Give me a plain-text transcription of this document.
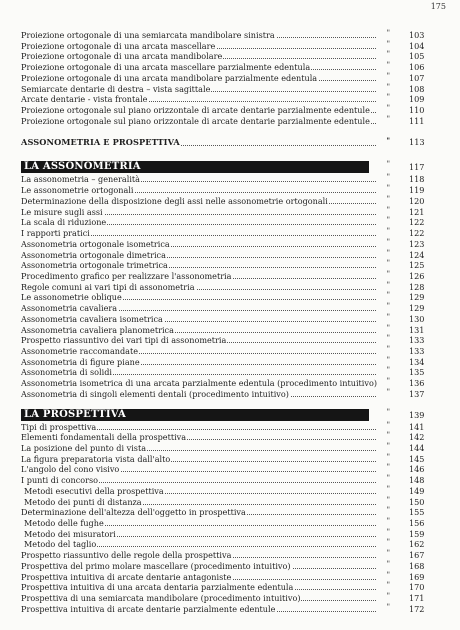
175
Proiezione ortogonale di una semiarcata mandibolare sinistra	" 103
Proiezione ortogonale di una arcata mascellare	" 104
Proiezione ortogonale di una arcata mandibolare	" 105
Proiezione ortogonale di una arcata mascellare parzialmente edentula	" 106
Proiezione ortogonale di una arcata mandibolare parzialmente edentula	" 107
Semiarcate dentarie di destra – vista sagittale	" 108
Arcate dentarie - vista frontale	" 109
Proiezione ortogonale sul piano orizzontale di arcate dentarie parzialmente edentule " 110
Proiezione ortogonale sul piano orizzontale di arcate dentarie parzialmente edentule " 111
ASSONOMETRIA E PROSPETTIVA	" 113
LA ASSONOMETRIA	" 117
La assonometria – generalità	" 118
Le assonometrie ortogonali	" 119
Determinazione della disposizione degli assi nelle assonometrie ortogonali	" 120
Le misure sugli assi	" 121
La scala di riduzione	" 122
I rapporti pratici	" 122
Assonometria ortogonale isometrica	" 123
Assonometria ortogonale dimetrica	" 124
Assonometria ortogonale trimetrica	" 125
Procedimento grafico per realizzare l'assonometria	" 126
Regole comuni ai vari tipi di assonometria	" 128
Le assonometrie oblique	" 129
Assonometria cavaliera	" 129
Assonometria cavaliera isometrica	" 130
Assonometria cavaliera planometrica	" 131
Prospetto riassuntivo dei vari tipi di assonometria	" 133
Assonometrie raccomandate	" 133
Assonometria di figure piane	" 134
Assonometria di solidi	" 135
Assonometria isometrica di una arcata parzialmente edentula (procedimento intuitivo) " 136
Assonometria di singoli elementi dentali (procedimento intuitivo)	" 137
LA PROSPETTIVA	" 139
Tipi di prospettiva	" 141
Elementi fondamentali della prospettiva	" 142
La posizione del punto di vista	" 144
La figura preparatoria vista dall'alto	" 145
L'angolo del cono visivo	" 146
I punti di concorso	" 148
Metodi esecutivi della prospettiva	" 149
Metodo dei punti di distanza	" 150
Determinazione dell'altezza dell'oggetto in prospettiva	" 155
Metodo delle fughe	" 156
Metodo dei misuratori	" 159
Metodo del taglio	" 162
Prospetto riassuntivo delle regole della prospettiva	" 167
Prospettiva del primo molare mascellare (procedimento intuitivo)	" 168
Prospettiva intuitiva di arcate dentarie antagoniste	" 169
Prospettiva intuitiva di una arcata dentaria parzialmente edentula	" 170
Prospettiva di una semiarcata mandibolare (procedimento intuitivo)	" 171
Prospettiva intuitiva di arcate dentarie parzialmente edentule	" 172
